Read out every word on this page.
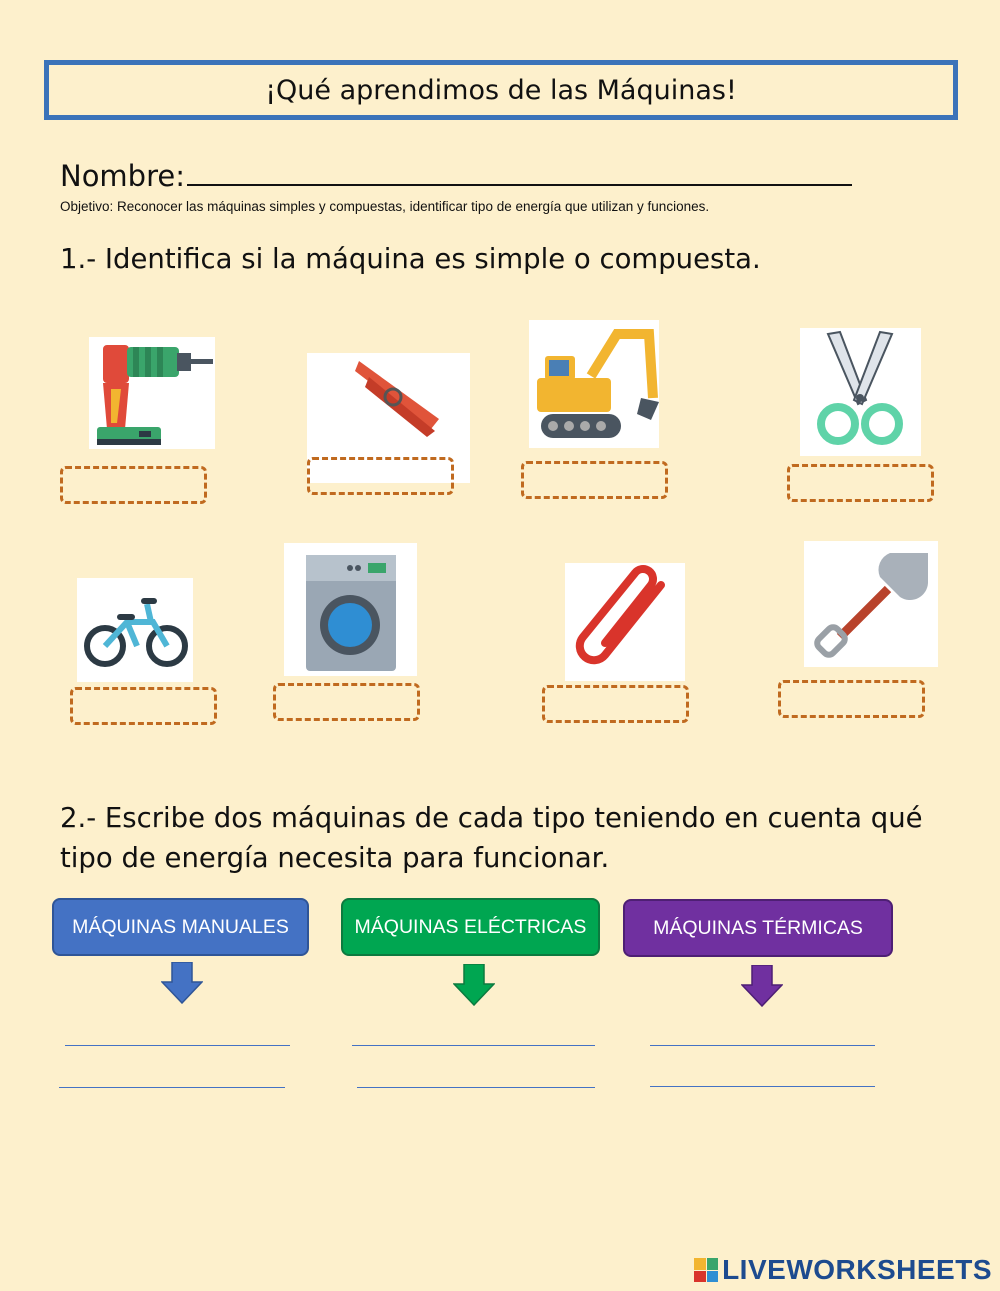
¡Qué aprendimos de las Máquinas!
Nombre:
Objetivo: Reconocer las máquinas simples y compuestas, identificar tipo de energía que utilizan y funciones.
1.- Identifica si la máquina es simple o compuesta.
2.- Escribe dos máquinas de cada tipo teniendo en cuenta qué
tipo de energía necesita para funcionar.
MÁQUINAS MANUALES	MÁQUINAS ELÉCTRICAS	MÁQUINAS TÉRMICAS
LIVEWORKSHEETS
